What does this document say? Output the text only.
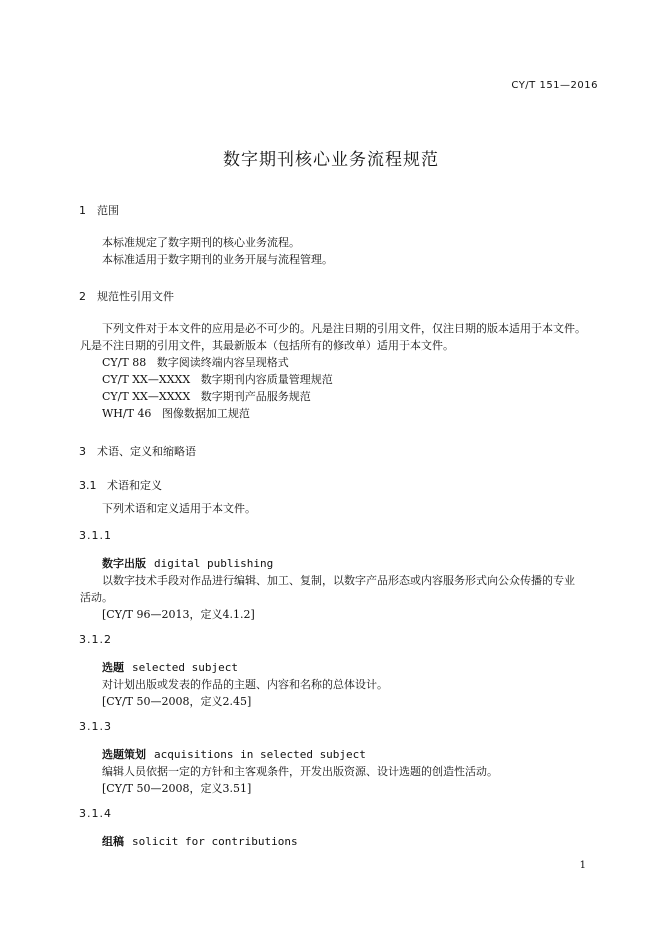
CY/T 151—2016
数字期刊核心业务流程规范
1 范围
本标准规定了数字期刊的核心业务流程。
本标准适用于数字期刊的业务开展与流程管理。
2 规范性引用文件
下列文件对于本文件的应用是必不可少的。凡是注日期的引用文件，仅注日期的版本适用于本文件。
凡是不注日期的引用文件，其最新版本（包括所有的修改单）适用于本文件。
CY/T 88 数字阅读终端内容呈现格式
CY/T XX—XXXX 数字期刊内容质量管理规范
CY/T XX—XXXX 数字期刊产品服务规范
WH/T 46 图像数据加工规范
3 术语、定义和缩略语
3.1 术语和定义
下列术语和定义适用于本文件。
3.1.1
数字出版 digital publishing
以数字技术手段对作品进行编辑、加工、复制，以数字产品形态或内容服务形式向公众传播的专业
活动。
[CY/T 96—2013，定义4.1.2]
3.1.2
选题 selected subject
对计划出版或发表的作品的主题、内容和名称的总体设计。
[CY/T 50—2008，定义2.45]
3.1.3
选题策划 acquisitions in selected subject
编辑人员依据一定的方针和主客观条件，开发出版资源、设计选题的创造性活动。
[CY/T 50—2008，定义3.51]
3.1.4
组稿 solicit for contributions
1
